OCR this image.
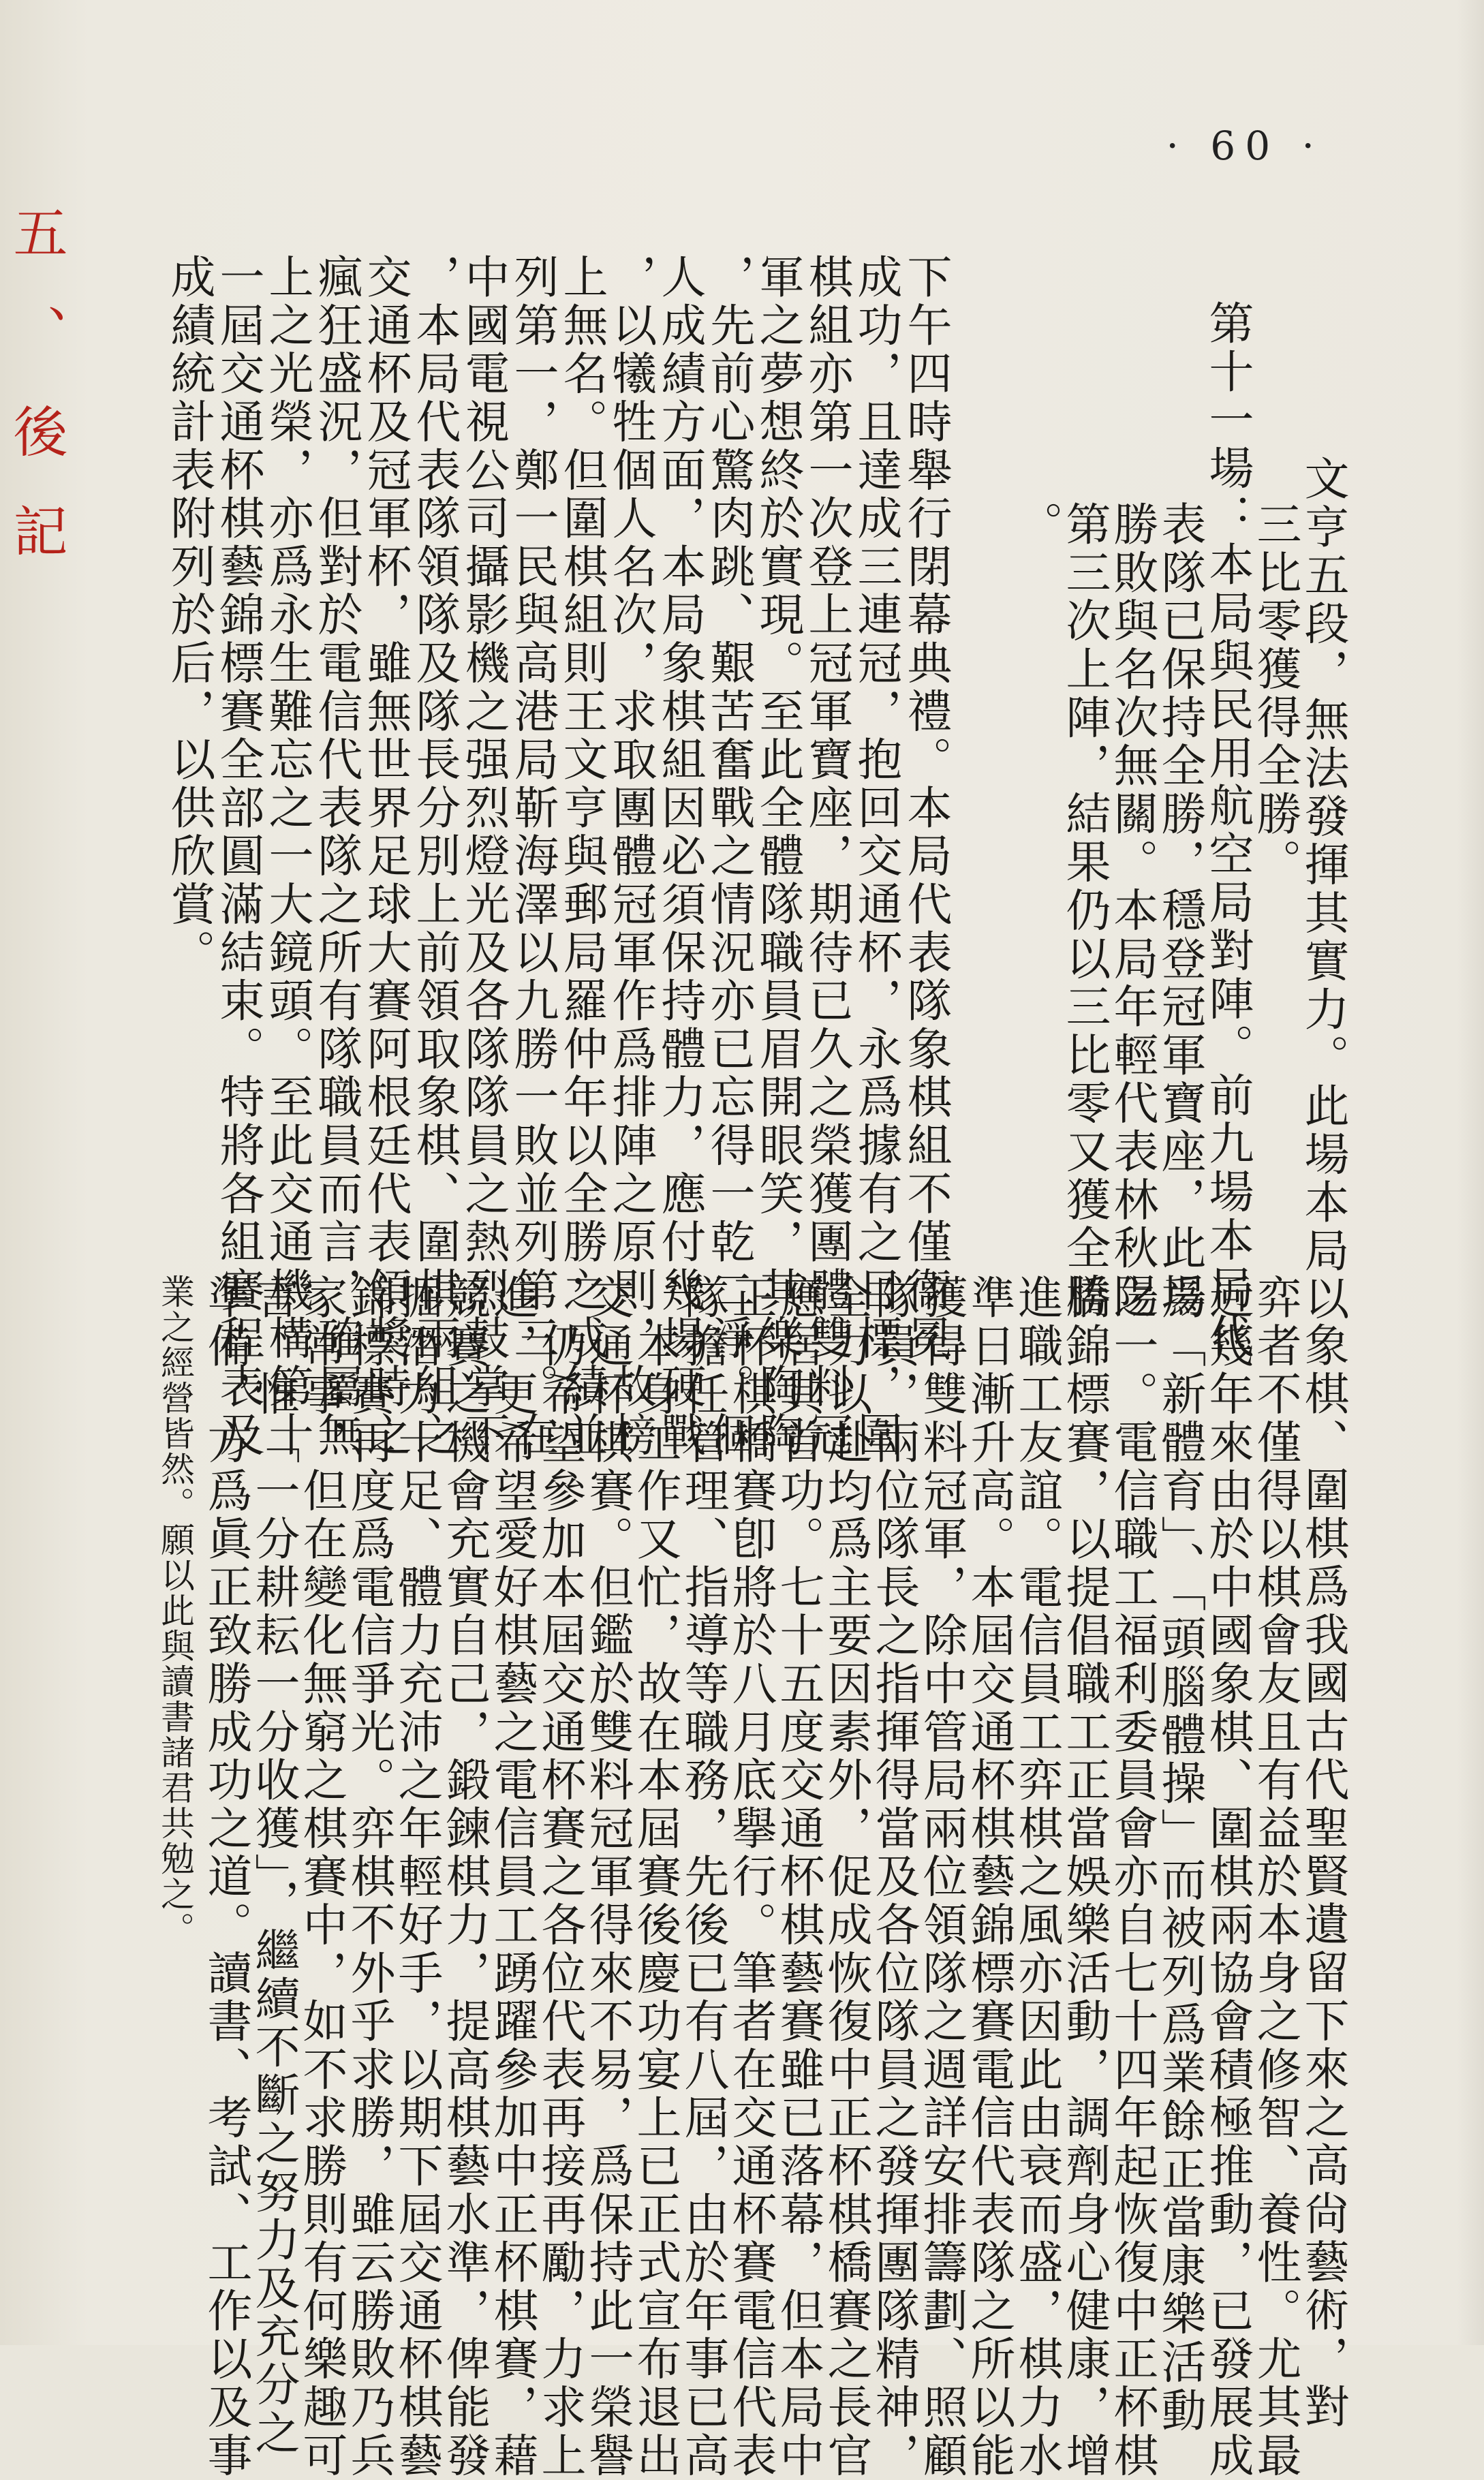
· 60 ·
五、後記
文亨五段，無法發揮其實力。此場本局以
三比零獲得全勝。
第十一場：本局與民用航空局對陣。前九場本局代
表隊已保持全勝，穩登冠軍寶座，此場
勝敗與名次無關。本局年輕代表林秋陽
第三次上陣，結果仍以三比零又獲全勝
。
下午四時舉行閉幕典禮。本局代表隊象棋組不僅衞冕
成功，且達成三連冠，抱回交通杯，永爲據有之目標，圍
棋組亦第一次登上冠軍寶座，期待已久之榮獲團體雙料冠
軍之夢想終於實現。至此全體隊職員眉開眼笑，其樂陶陶
，先前心驚肉跳、艱苦奮戰之情況亦已忘得一乾二淨。個
人成績方面，本局象棋組因必須保持體力，應付幾場硬戰
，以犧牲個人名次，求取團體冠軍作爲排陣之原則，故榜
上無名。但圍棋組則王文亨與郵局羅仲年以全勝之成績並
列第一，鄭一民與高港局靳海澤以九勝一敗並列第三。在
中國電視公司攝影機之强烈燈光及各隊隊員之熱烈鼓掌下
，本局代表隊領隊及隊長分別上前領取象棋、圍棋兩組之
交通杯及冠軍杯，雖無世界足球大賽阿根廷代表領獎時之
瘋狂盛況，但對於電信代表隊之所有隊職員而言，確屬無
上之光榮，亦爲永生難忘之一大鏡頭。至此交通機構第十
一屆交通杯棋藝錦標賽全部圓滿結束。特將各組賽程表及
成績統計表附列於后，以供欣賞。
象棋、圍棋爲我國古代聖賢遺留下來之高尙藝術，對
弈者不僅得以棋會友且有益於本身之修智、養性。尤其最
近幾年來由於中國象棋、圍棋兩協會積極推動，已發展成
爲「新體育」、「頭腦體操」而被列爲業餘正當康樂活動
之一。電信職工福利委員會亦自七十四年起恢復中正杯棋
橋錦標賽，以提倡職工正當娛樂活動，調劑身心健康，增
進職工友誼。電信員工弈棋之風亦因此由衰而盛，棋力水
準日漸升高。本屆交通杯棋藝錦標賽電信代表隊之所以能
獲得雙料冠軍，除中管局兩位領隊之週詳安排籌劃、照顧
隊員，兩位隊長之指揮得當及各位隊員之發揮團隊精神，
全力以赴均爲主要因素外，促成恢復中正杯棋橋賽之長官
應居其首功。七十五度交通杯棋藝賽雖已落幕，但本局中
正杯棋橋賽卽將於八月底擧行。筆者在交通杯賽電信代表
隊擔任管理、指導等職務，先後已有八屆，由於年事已高
，本身工作又忙，故在本屆賽後慶功宴上已正式宣布退出
交通杯棋賽。但鑑於雙料冠軍得來不易，爲保持此一榮譽
，仍希望參加本屆交通杯賽之各位代表再接再勵，力求上
進，更希望愛好棋藝之電信員工踴躍參加中正杯棋賽，藉
競賽之機會充實自己，鍛鍊棋力，提高棋藝水準，俾能發
掘潛力十足、體力充沛之年輕好手，以期下屆交通杯棋藝
錦標賽再度爲電信爭光。弈棋不外乎求勝，雖云勝敗乃兵
家常事，但在變化無窮之棋賽中，如不求勝則有何樂趣可
言。惟「一分耕耘一分收獲」，繼續不斷之努力及充分之
準備，方爲眞正致勝成功之道。讀書、考試、工作以及事
業之經營皆然。願以此與讀書諸君共勉之。
